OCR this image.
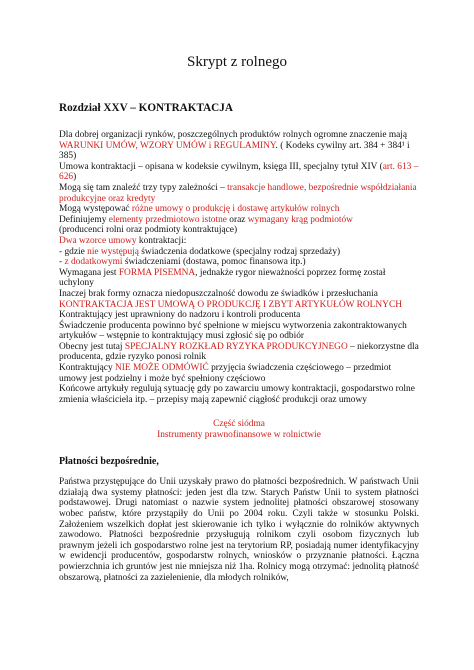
Skrypt z rolnego
Rozdział XXV – KONTRAKTACJA

Dla dobrej organizacji rynków, poszczególnych produktów rolnych ogromne znaczenie mają WARUNKI UMÓW, WZORY UMÓW i REGULAMINY. ( Kodeks cywilny art. 384 + 384¹ i 385)

Umowa kontraktacji – opisana w kodeksie cywilnym, księga III, specjalny tytuł XIV (art. 613 – 626)

Mogą się tam znaleźć trzy typy zależności – transakcje handlowe, bezpośrednie współdziałania produkcyjne oraz kredyty

Mogą występować różne umowy o produkcję i dostawę artykułów rolnych

Definiujemy elementy przedmiotowo istotne oraz wymagany krąg podmiotów

(producenci rolni oraz podmioty kontraktujące)

Dwa wzorce umowy kontraktacji:

- gdzie nie występują świadczenia dodatkowe (specjalny rodzaj sprzedaży)

- z dodatkowymi świadczeniami (dostawa, pomoc finansowa itp.)

Wymagana jest FORMA PISEMNA, jednakże rygor nieważności poprzez formę został uchylony

Inaczej brak formy oznacza niedopuszczalność dowodu ze świadków i przesłuchania

KONTRAKTACJA JEST UMOWĄ O PRODUKCJĘ I ZBYT ARTYKUŁÓW ROLNYCH

Kontraktujący jest uprawniony do nadzoru i kontroli producenta

Świadczenie producenta powinno być spełnione w miejscu wytworzenia zakontraktowanych artykułów – wstępnie to kontraktujący musi zgłosić się po odbiór

Obecny jest tutaj SPECJALNY ROZKŁAD RYZYKA PRODUKCYJNEGO – niekorzystne dla producenta, gdzie ryzyko ponosi rolnik

Kontraktujący NIE MOŻE ODMÓWIĆ przyjęcia świadczenia częściowego – przedmiot umowy jest podzielny i może być spełniony częściowo

Końcowe artykuły regulują sytuację gdy po zawarciu umowy kontraktacji, gospodarstwo rolne zmienia właściciela itp. – przepisy mają zapewnić ciągłość produkcji oraz umowy

Część siódma

Instrumenty prawnofinansowe w rolnictwie

Płatności bezpośrednie,

Państwa przystępujące do Unii uzyskały prawo do płatności bezpośrednich. W państwach Unii działają dwa systemy płatności: jeden jest dla tzw. Starych Państw Unii to system płatności podstawowej. Drugi natomiast o nazwie system jednolitej płatności obszarowej stosowany wobec państw, które przystąpiły do Unii po 2004 roku. Czyli także w stosunku Polski. Założeniem wszelkich dopłat jest skierowanie ich tylko i wyłącznie do rolników aktywnych zawodowo. Płatności bezpośrednie przysługują rolnikom czyli osobom fizycznych lub prawnym jeżeli ich gospodarstwo rolne jest na terytorium RP, posiadają numer identyfikacyjny w ewidencji producentów, gospodarstw rolnych, wniosków o przyznanie płatności. Łączna powierzchnia ich gruntów jest nie mniejsza niż 1ha. Rolnicy mogą otrzymać: jednolitą płatność obszarową, płatności za zazielenienie, dla młodych rolników,
